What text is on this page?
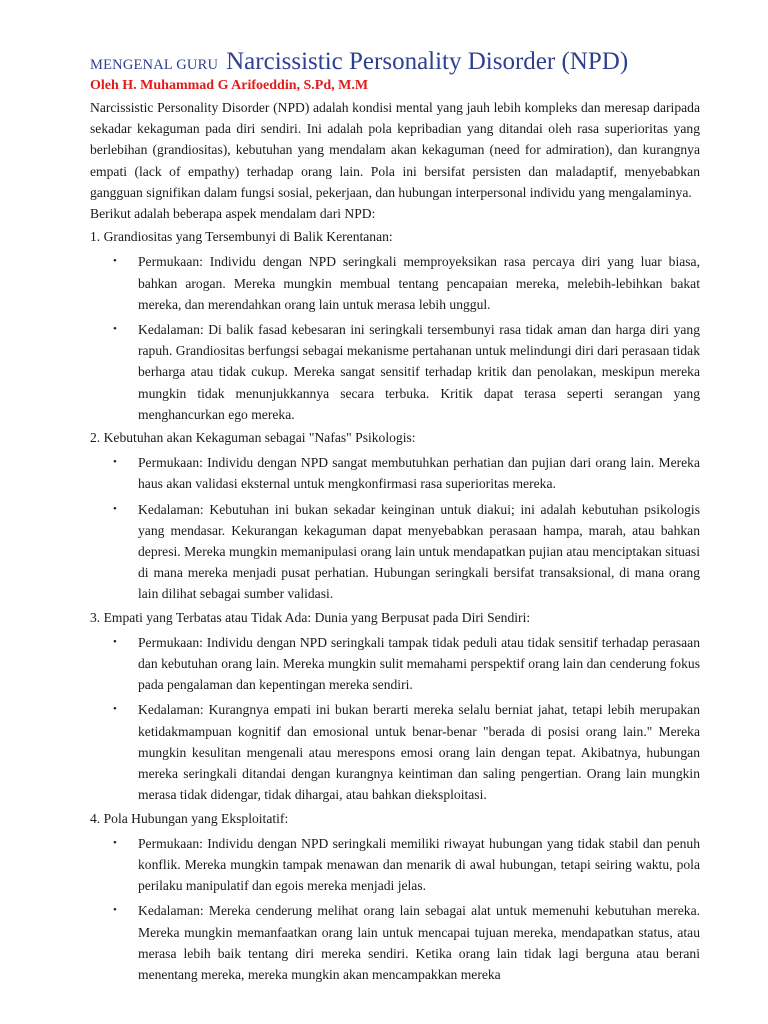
MENGENAL GURU Narcissistic Personality Disorder (NPD)

Oleh H. Muhammad G Arifoeddin, S.Pd, M.M

Narcissistic Personality Disorder (NPD) adalah kondisi mental yang jauh lebih kompleks dan meresap daripada sekadar kekaguman pada diri sendiri. Ini adalah pola kepribadian yang ditandai oleh rasa superioritas yang berlebihan (grandiositas), kebutuhan yang mendalam akan kekaguman (need for admiration), dan kurangnya empati (lack of empathy) terhadap orang lain. Pola ini bersifat persisten dan maladaptif, menyebabkan gangguan signifikan dalam fungsi sosial, pekerjaan, dan hubungan interpersonal individu yang mengalaminya.

Berikut adalah beberapa aspek mendalam dari NPD:

1. Grandiositas yang Tersembunyi di Balik Kerentanan:

• Permukaan: Individu dengan NPD seringkali memproyeksikan rasa percaya diri yang luar biasa, bahkan arogan. Mereka mungkin membual tentang pencapaian mereka, melebih-lebihkan bakat mereka, dan merendahkan orang lain untuk merasa lebih unggul.
• Kedalaman: Di balik fasad kebesaran ini seringkali tersembunyi rasa tidak aman dan harga diri yang rapuh. Grandiositas berfungsi sebagai mekanisme pertahanan untuk melindungi diri dari perasaan tidak berharga atau tidak cukup. Mereka sangat sensitif terhadap kritik dan penolakan, meskipun mereka mungkin tidak menunjukkannya secara terbuka. Kritik dapat terasa seperti serangan yang menghancurkan ego mereka.

2. Kebutuhan akan Kekaguman sebagai "Nafas" Psikologis:

• Permukaan: Individu dengan NPD sangat membutuhkan perhatian dan pujian dari orang lain. Mereka haus akan validasi eksternal untuk mengkonfirmasi rasa superioritas mereka.
• Kedalaman: Kebutuhan ini bukan sekadar keinginan untuk diakui; ini adalah kebutuhan psikologis yang mendasar. Kekurangan kekaguman dapat menyebabkan perasaan hampa, marah, atau bahkan depresi. Mereka mungkin memanipulasi orang lain untuk mendapatkan pujian atau menciptakan situasi di mana mereka menjadi pusat perhatian. Hubungan seringkali bersifat transaksional, di mana orang lain dilihat sebagai sumber validasi.

3. Empati yang Terbatas atau Tidak Ada: Dunia yang Berpusat pada Diri Sendiri:

• Permukaan: Individu dengan NPD seringkali tampak tidak peduli atau tidak sensitif terhadap perasaan dan kebutuhan orang lain. Mereka mungkin sulit memahami perspektif orang lain dan cenderung fokus pada pengalaman dan kepentingan mereka sendiri.
• Kedalaman: Kurangnya empati ini bukan berarti mereka selalu berniat jahat, tetapi lebih merupakan ketidakmampuan kognitif dan emosional untuk benar-benar "berada di posisi orang lain." Mereka mungkin kesulitan mengenali atau merespons emosi orang lain dengan tepat. Akibatnya, hubungan mereka seringkali ditandai dengan kurangnya keintiman dan saling pengertian. Orang lain mungkin merasa tidak didengar, tidak dihargai, atau bahkan dieksploitasi.

4. Pola Hubungan yang Eksploitatif:

• Permukaan: Individu dengan NPD seringkali memiliki riwayat hubungan yang tidak stabil dan penuh konflik. Mereka mungkin tampak menawan dan menarik di awal hubungan, tetapi seiring waktu, pola perilaku manipulatif dan egois mereka menjadi jelas.
• Kedalaman: Mereka cenderung melihat orang lain sebagai alat untuk memenuhi kebutuhan mereka. Mereka mungkin memanfaatkan orang lain untuk mencapai tujuan mereka, mendapatkan status, atau merasa lebih baik tentang diri mereka sendiri. Ketika orang lain tidak lagi berguna atau berani menentang mereka, mereka mungkin akan mencampakkan mereka
